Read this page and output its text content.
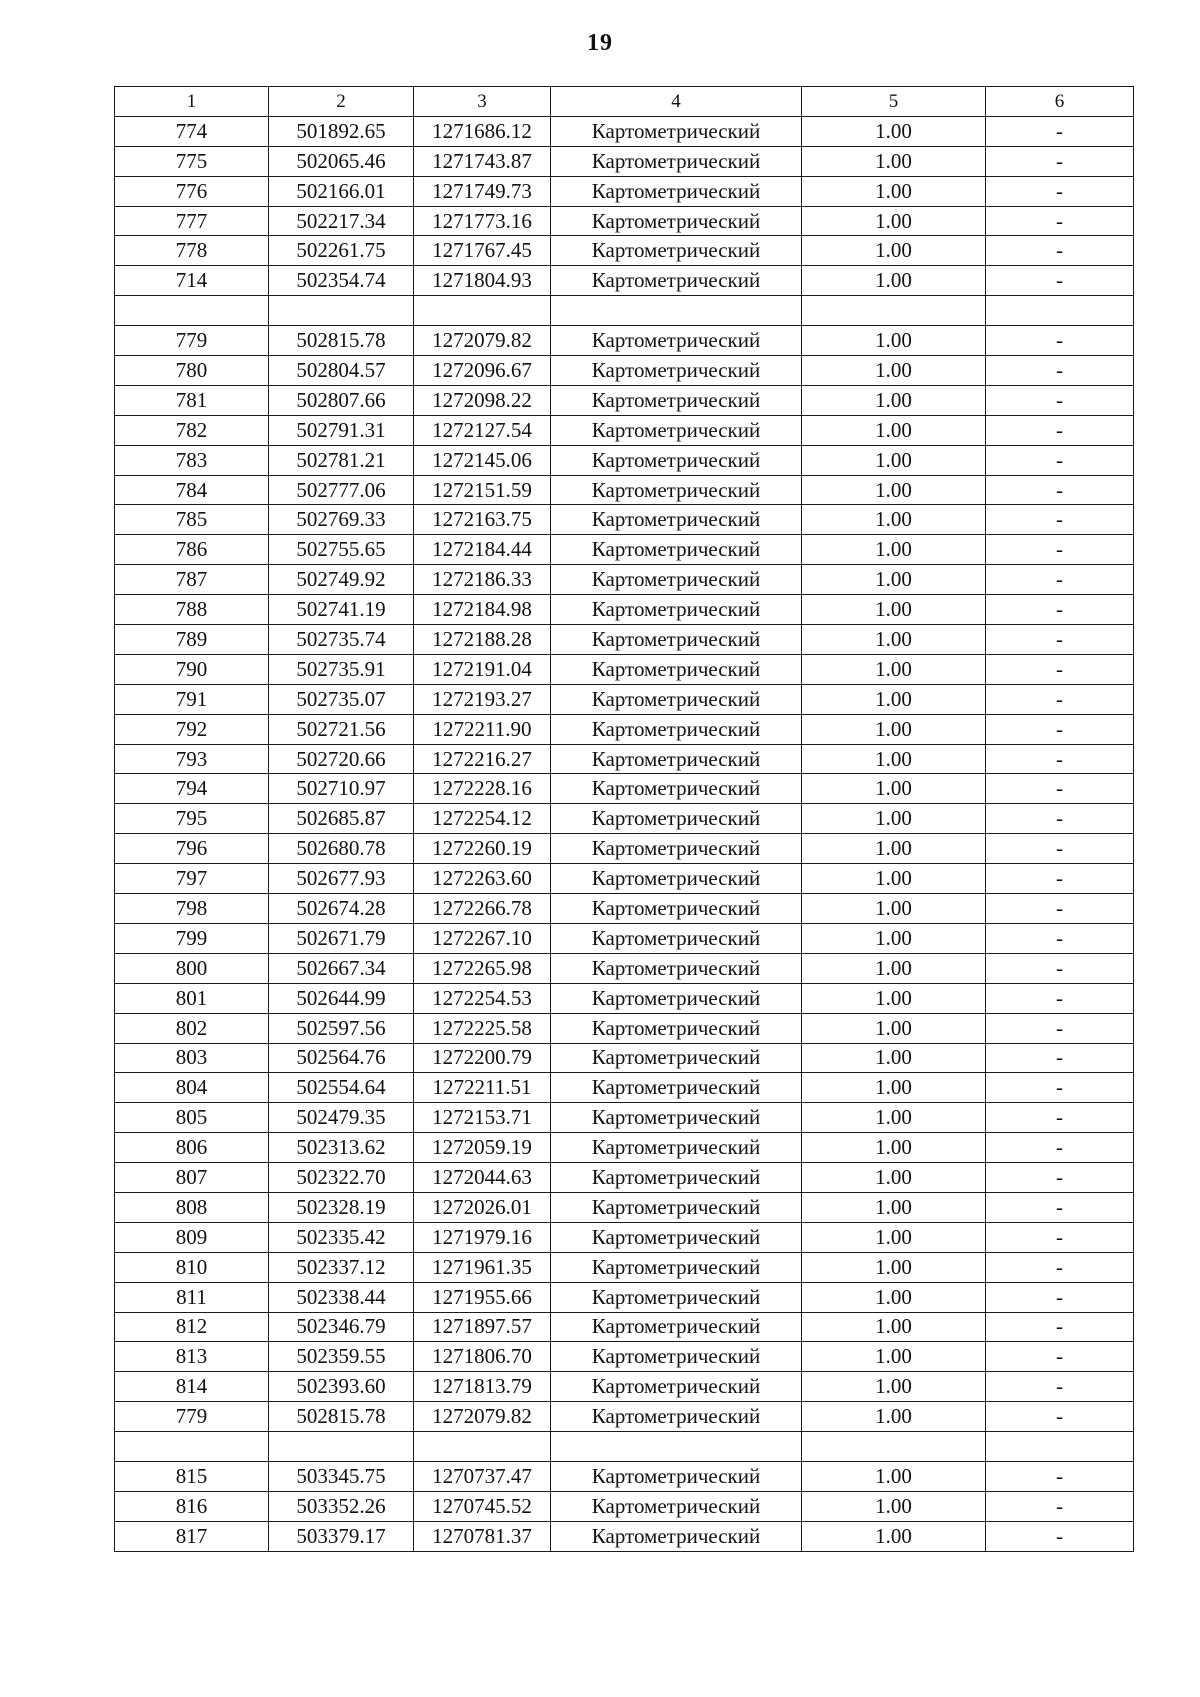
19
1	2	3	4	5	6
774	501892.65	1271686.12	Картометрический	1.00	-
775	502065.46	1271743.87	Картометрический	1.00	-
776	502166.01	1271749.73	Картометрический	1.00	-
777	502217.34	1271773.16	Картометрический	1.00	-
778	502261.75	1271767.45	Картометрический	1.00	-
714	502354.74	1271804.93	Картометрический	1.00	-

779	502815.78	1272079.82	Картометрический	1.00	-
780	502804.57	1272096.67	Картометрический	1.00	-
781	502807.66	1272098.22	Картометрический	1.00	-
782	502791.31	1272127.54	Картометрический	1.00	-
783	502781.21	1272145.06	Картометрический	1.00	-
784	502777.06	1272151.59	Картометрический	1.00	-
785	502769.33	1272163.75	Картометрический	1.00	-
786	502755.65	1272184.44	Картометрический	1.00	-
787	502749.92	1272186.33	Картометрический	1.00	-
788	502741.19	1272184.98	Картометрический	1.00	-
789	502735.74	1272188.28	Картометрический	1.00	-
790	502735.91	1272191.04	Картометрический	1.00	-
791	502735.07	1272193.27	Картометрический	1.00	-
792	502721.56	1272211.90	Картометрический	1.00	-
793	502720.66	1272216.27	Картометрический	1.00	-
794	502710.97	1272228.16	Картометрический	1.00	-
795	502685.87	1272254.12	Картометрический	1.00	-
796	502680.78	1272260.19	Картометрический	1.00	-
797	502677.93	1272263.60	Картометрический	1.00	-
798	502674.28	1272266.78	Картометрический	1.00	-
799	502671.79	1272267.10	Картометрический	1.00	-
800	502667.34	1272265.98	Картометрический	1.00	-
801	502644.99	1272254.53	Картометрический	1.00	-
802	502597.56	1272225.58	Картометрический	1.00	-
803	502564.76	1272200.79	Картометрический	1.00	-
804	502554.64	1272211.51	Картометрический	1.00	-
805	502479.35	1272153.71	Картометрический	1.00	-
806	502313.62	1272059.19	Картометрический	1.00	-
807	502322.70	1272044.63	Картометрический	1.00	-
808	502328.19	1272026.01	Картометрический	1.00	-
809	502335.42	1271979.16	Картометрический	1.00	-
810	502337.12	1271961.35	Картометрический	1.00	-
811	502338.44	1271955.66	Картометрический	1.00	-
812	502346.79	1271897.57	Картометрический	1.00	-
813	502359.55	1271806.70	Картометрический	1.00	-
814	502393.60	1271813.79	Картометрический	1.00	-
779	502815.78	1272079.82	Картометрический	1.00	-

815	503345.75	1270737.47	Картометрический	1.00	-
816	503352.26	1270745.52	Картометрический	1.00	-
817	503379.17	1270781.37	Картометрический	1.00	-
